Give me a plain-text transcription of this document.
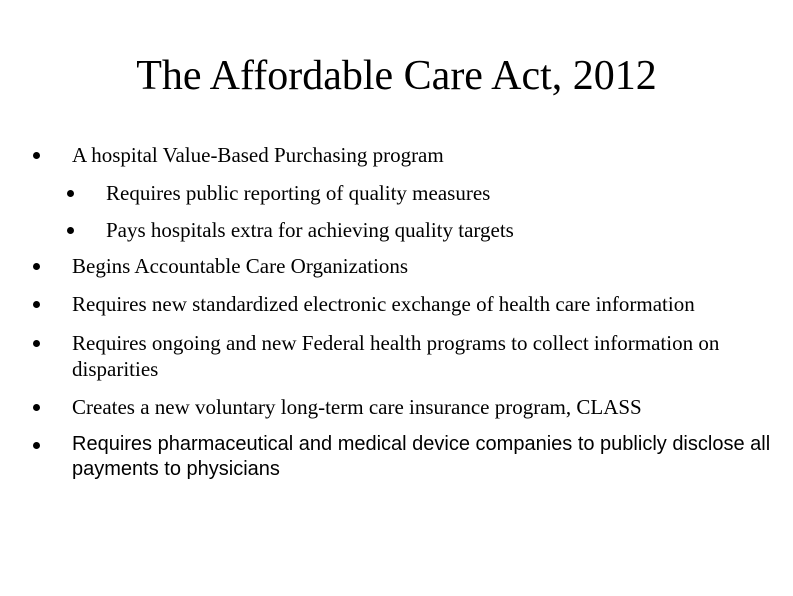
The Affordable Care Act, 2012
A hospital Value-Based Purchasing program
Requires public reporting of quality measures
Pays hospitals extra for achieving quality targets
Begins Accountable Care Organizations
Requires new standardized electronic exchange of health care information
Requires ongoing and new Federal health programs to collect information on disparities
Creates a new voluntary long-term care insurance program, CLASS
Requires pharmaceutical and medical device companies to publicly disclose all payments to physicians
